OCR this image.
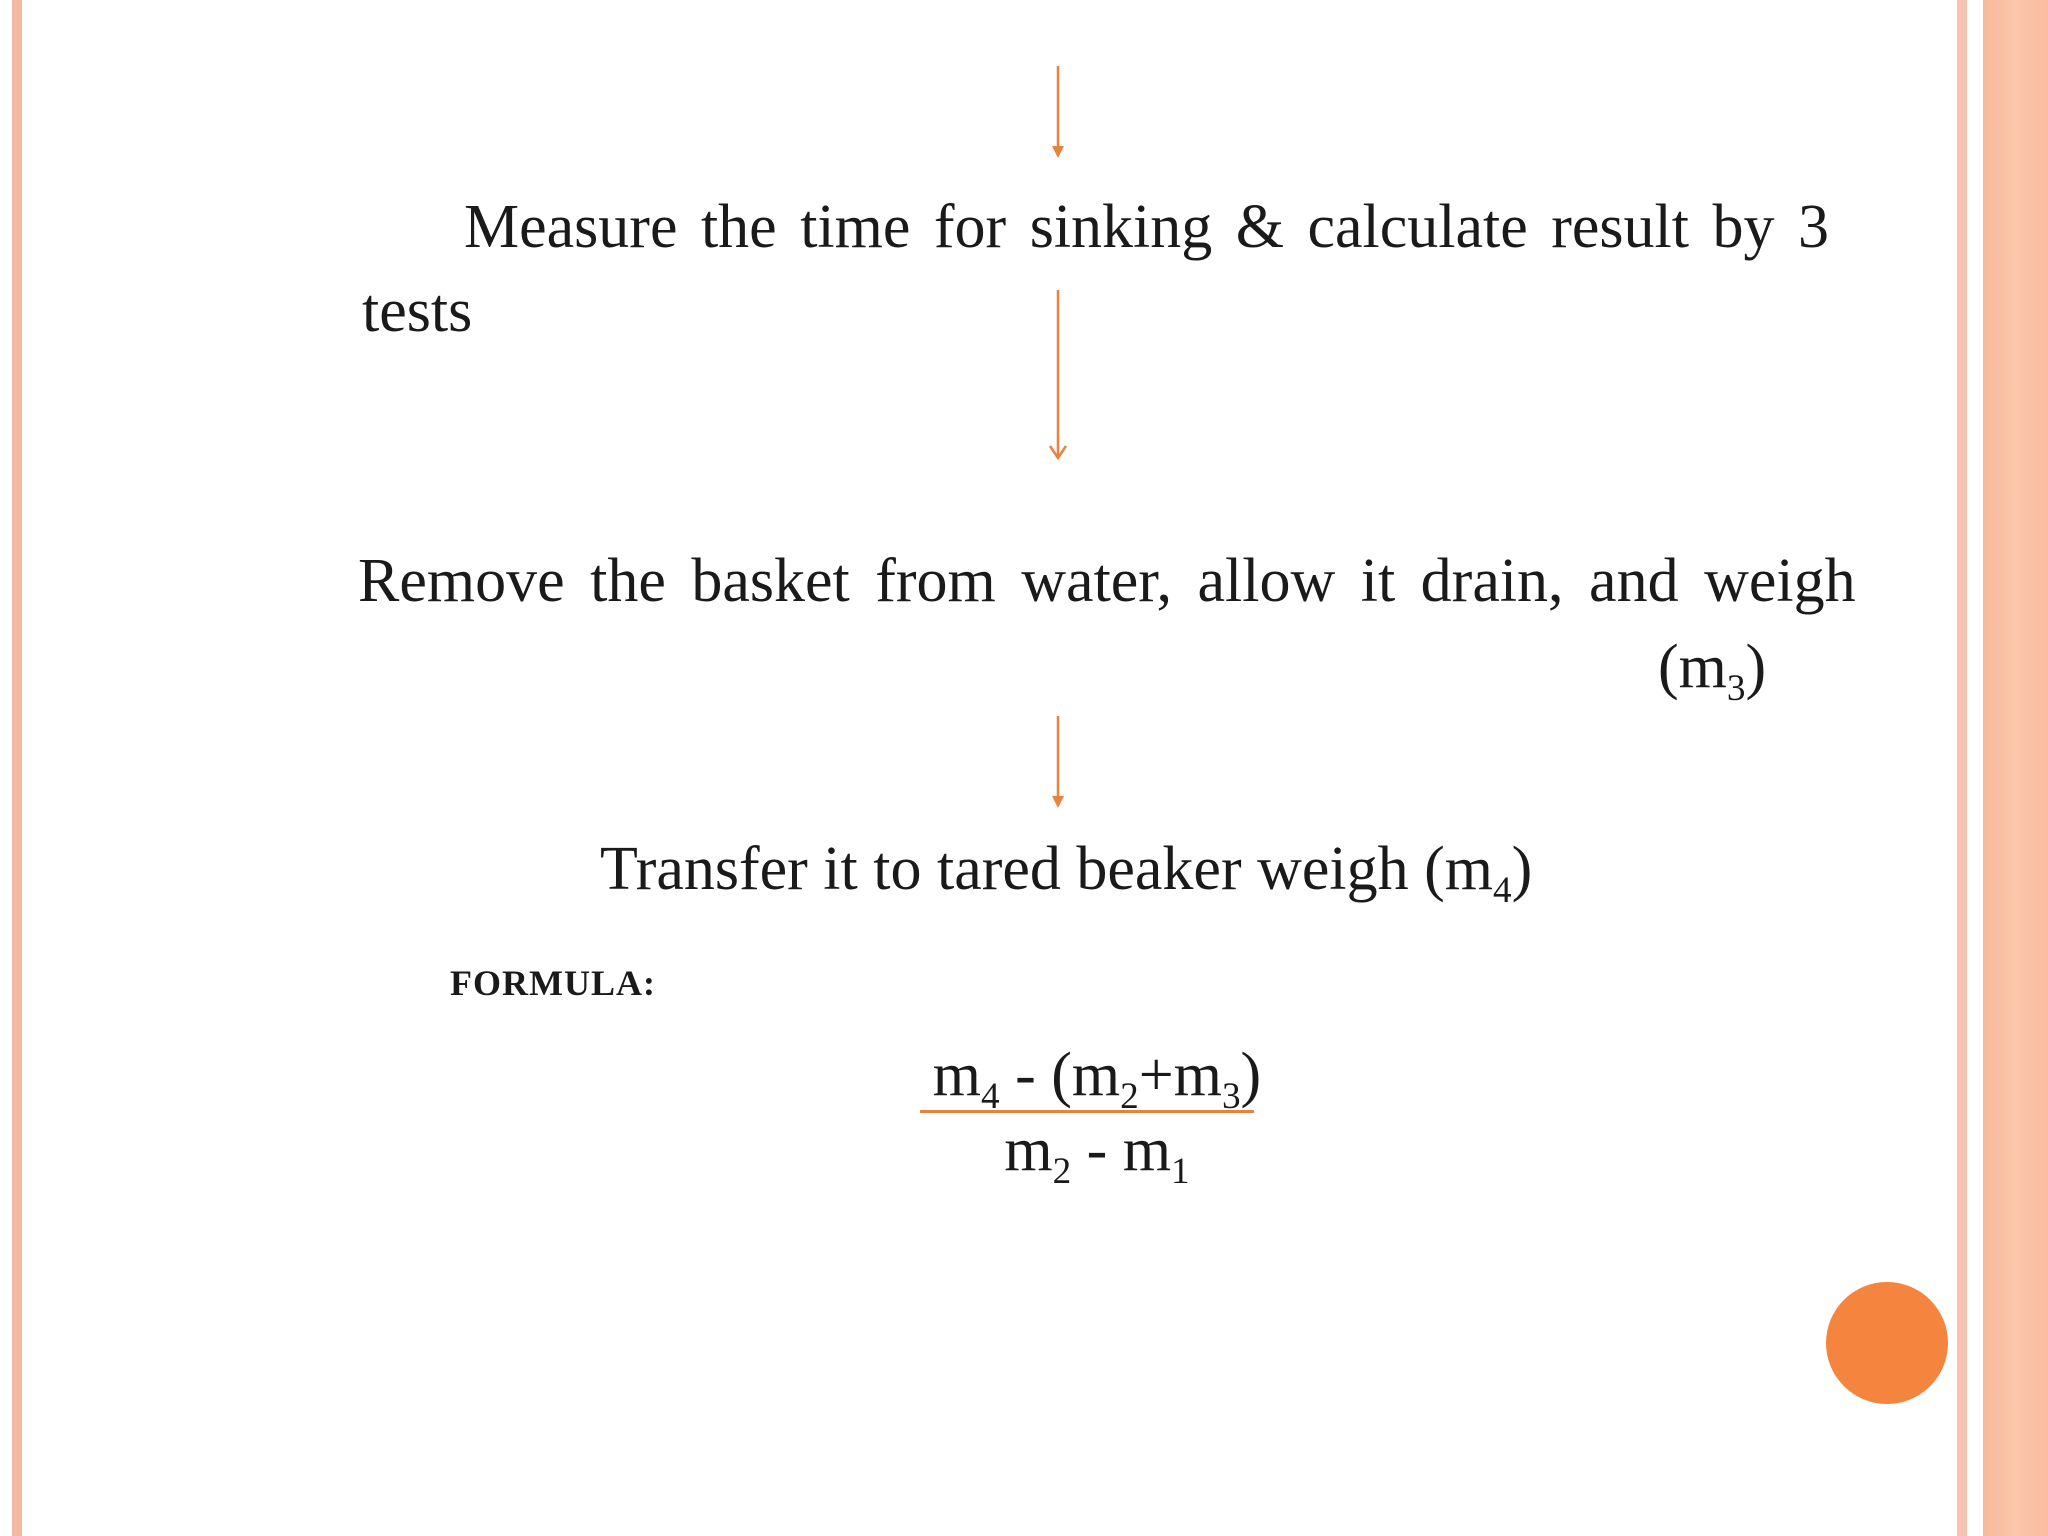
Measure the time for sinking & calculate result by 3
tests
Remove the basket from water, allow it drain, and weigh
$(m_3)$
Transfer it to tared beaker weigh $(m_4)$
FORMULA:
$m_4 - (m_2+m_3)$
$m_2 - m_1$
